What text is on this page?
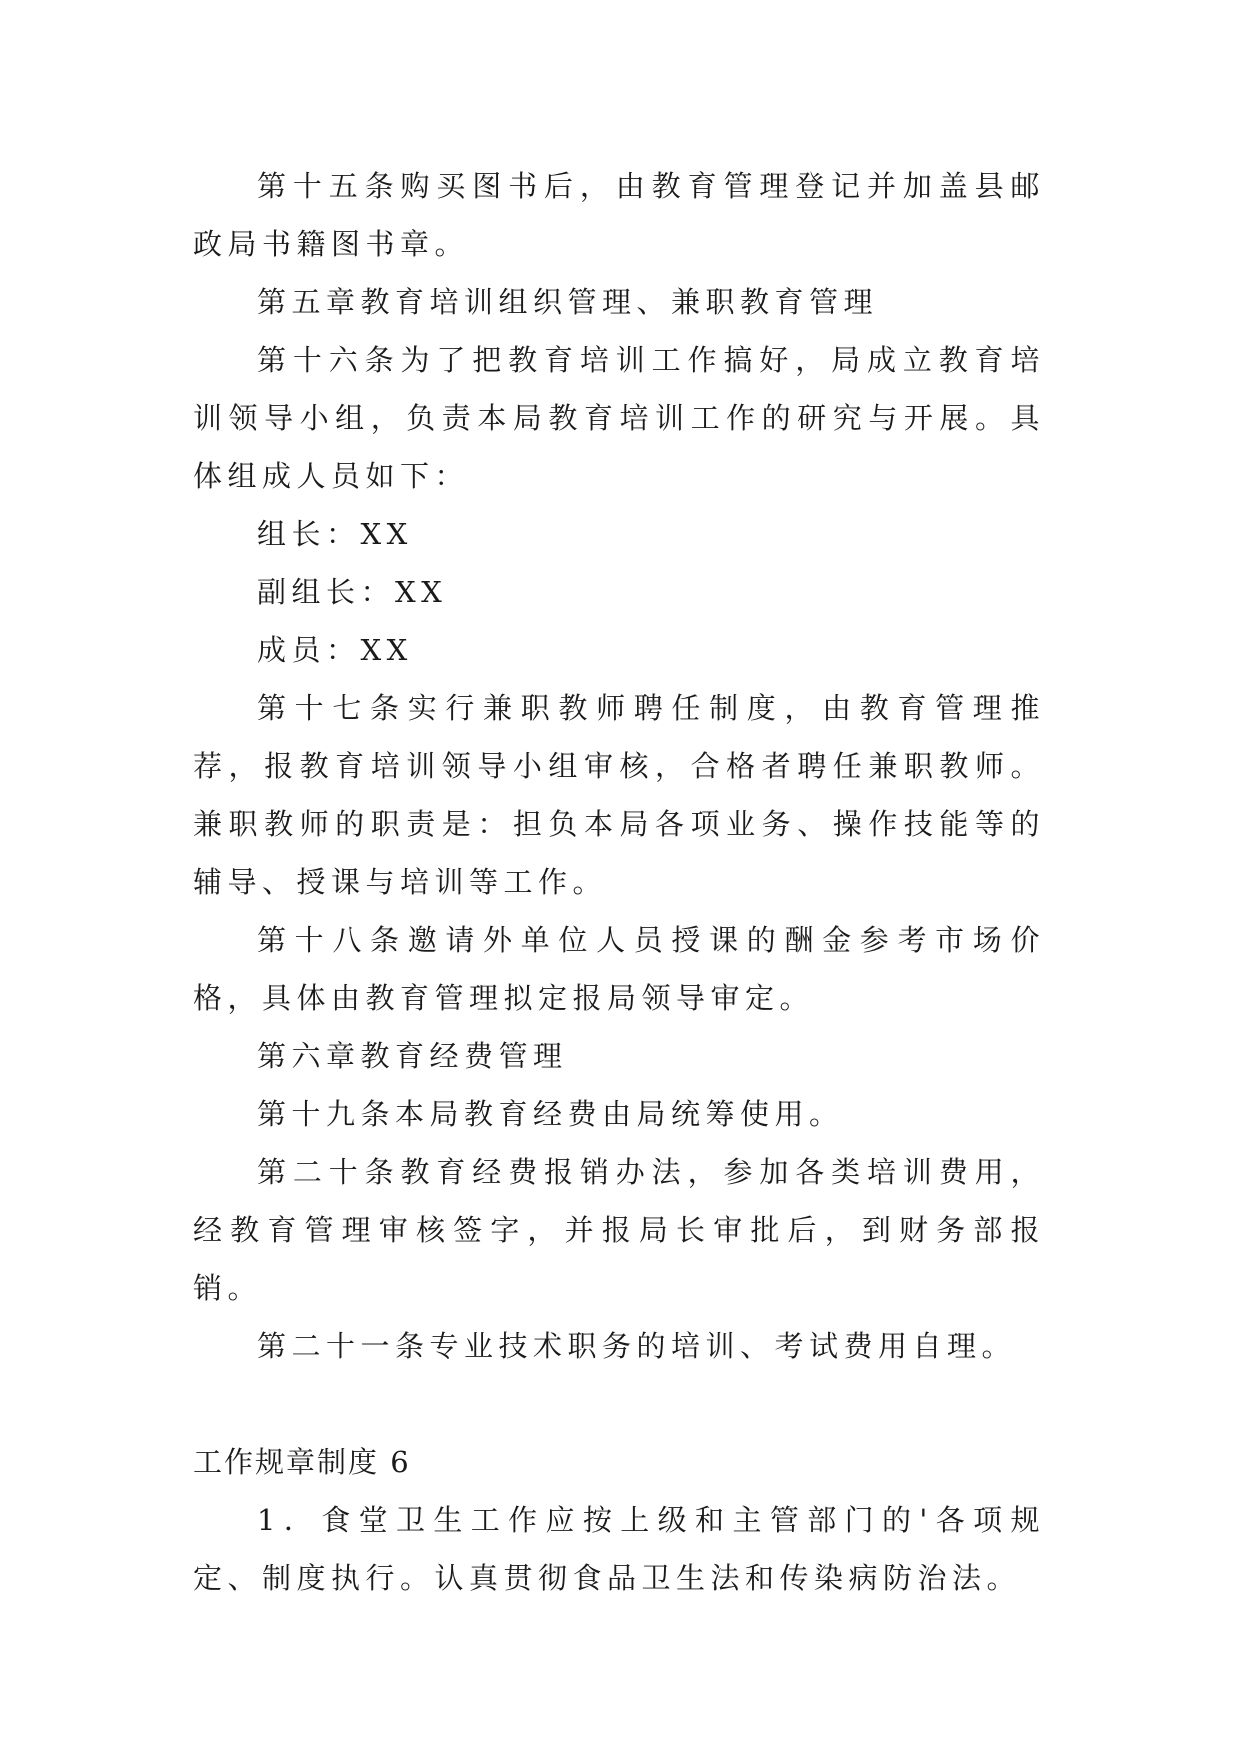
第十五条购买图书后，由教育管理登记并加盖县邮政局书籍图书章。

第五章教育培训组织管理、兼职教育管理

第十六条为了把教育培训工作搞好，局成立教育培训领导小组，负责本局教育培训工作的研究与开展。具体组成人员如下：

组长：XX

副组长：XX

成员：XX

第十七条实行兼职教师聘任制度，由教育管理推荐，报教育培训领导小组审核，合格者聘任兼职教师。兼职教师的职责是：担负本局各项业务、操作技能等的辅导、授课与培训等工作。

第十八条邀请外单位人员授课的酬金参考市场价格，具体由教育管理拟定报局领导审定。

第六章教育经费管理

第十九条本局教育经费由局统筹使用。

第二十条教育经费报销办法，参加各类培训费用，经教育管理审核签字，并报局长审批后，到财务部报销。

第二十一条专业技术职务的培训、考试费用自理。

工作规章制度 6

1．食堂卫生工作应按上级和主管部门的'各项规定、制度执行。认真贯彻食品卫生法和传染病防治法。
